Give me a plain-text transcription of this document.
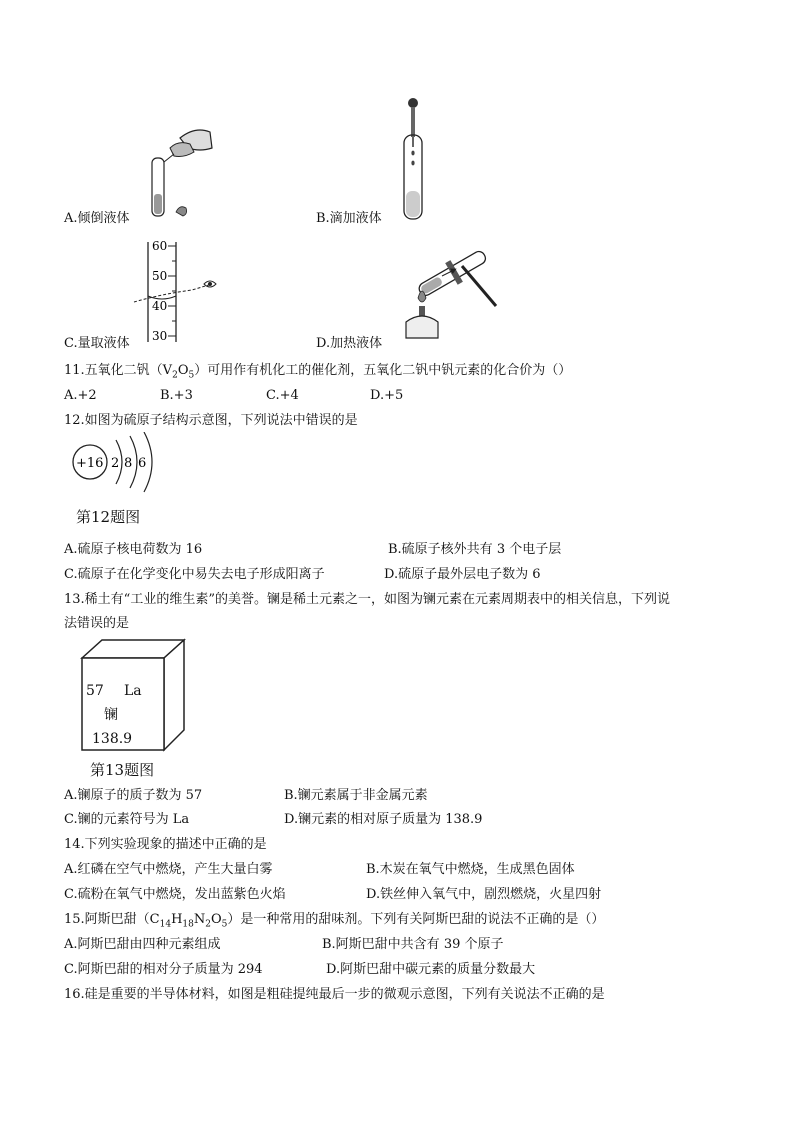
A.倾倒液体	B.滴加液体
60
50
40
30
C.量取液体	D.加热液体
11.五氧化二钒$(V_2O_5)$可用作有机化工的催化剂，五氧化二钒中钒元素的化合价为（）
A.+2	B.+3	C.+4	D.+5
12.如图为硫原子结构示意图，下列说法中错误的是
+16 2 8 6
第12题图
A.硫原子核电荷数为 16	B.硫原子核外共有 3 个电子层
C.硫原子在化学变化中易失去电子形成阳离子	D.硫原子最外层电子数为 6
13.稀土有“工业的维生素”的美誉。镧是稀土元素之一，如图为镧元素在元素周期表中的相关信息，下列说
法错误的是
57 La
镧
138.9
第13题图
A.镧原子的质子数为 57	B.镧元素属于非金属元素
C.镧的元素符号为 La	D.镧元素的相对原子质量为 138.9
14.下列实验现象的描述中正确的是
A.红磷在空气中燃烧，产生大量白雾	B.木炭在氧气中燃烧，生成黑色固体
C.硫粉在氧气中燃烧，发出蓝紫色火焰	D.铁丝伸入氧气中，剧烈燃烧，火星四射
15.阿斯巴甜$(C_{14}H_{18}N_2O_5)$是一种常用的甜味剂。下列有关阿斯巴甜的说法不正确的是（）
A.阿斯巴甜由四种元素组成	B.阿斯巴甜中共含有 39 个原子
C.阿斯巴甜的相对分子质量为 294	D.阿斯巴甜中碳元素的质量分数最大
16.硅是重要的半导体材料，如图是粗硅提纯最后一步的微观示意图，下列有关说法不正确的是
